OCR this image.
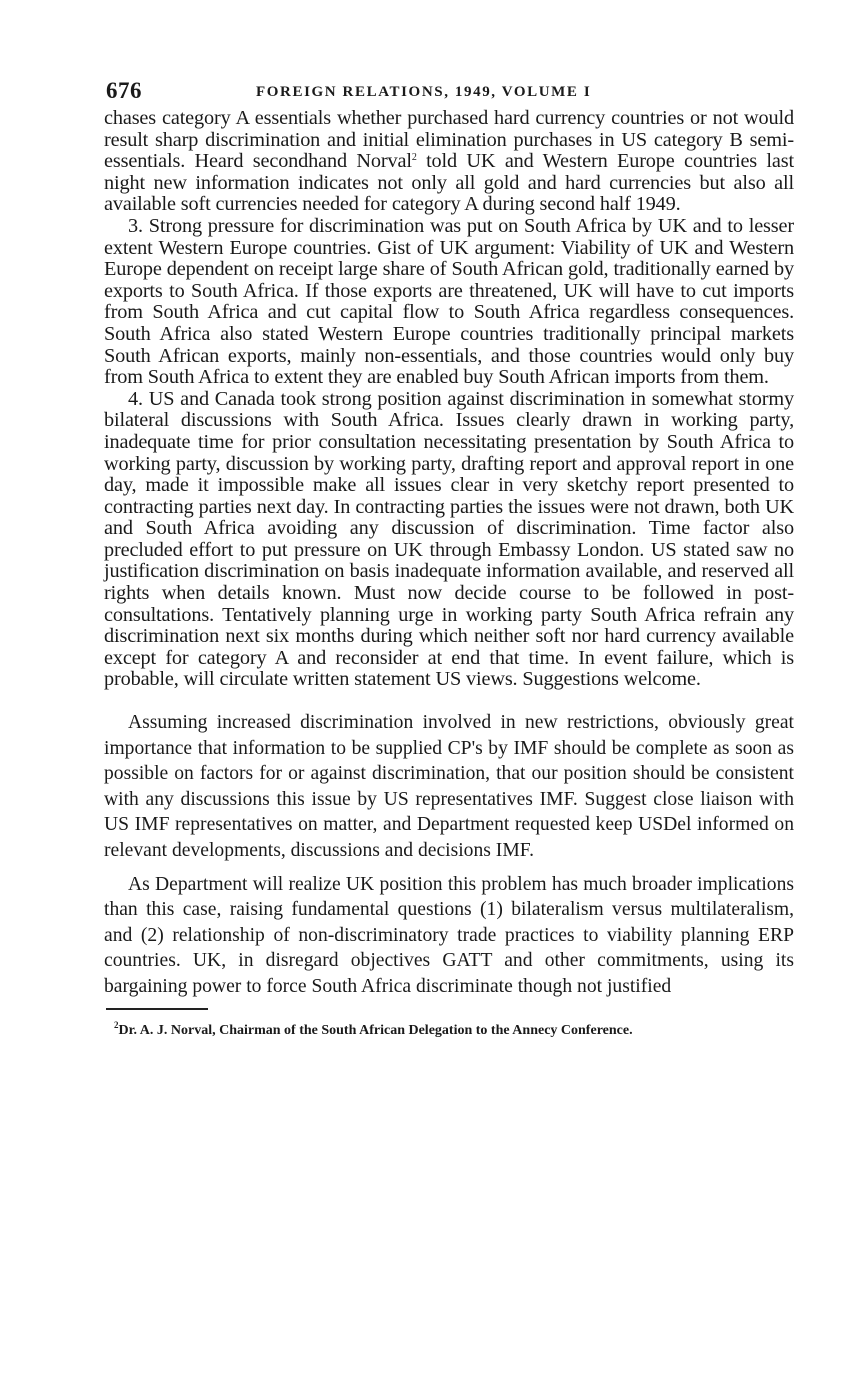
676	FOREIGN RELATIONS, 1949, VOLUME I

chases category A essentials whether purchased hard currency countries or not would result sharp discrimination and initial elimination purchases in US category B semi-essentials. Heard secondhand Norval$^2$ told UK and Western Europe countries last night new information indicates not only all gold and hard currencies but also all available soft currencies needed for category A during second half 1949.

3. Strong pressure for discrimination was put on South Africa by UK and to lesser extent Western Europe countries. Gist of UK argument: Viability of UK and Western Europe dependent on receipt large share of South African gold, traditionally earned by exports to South Africa. If those exports are threatened, UK will have to cut imports from South Africa and cut capital flow to South Africa regardless consequences. South Africa also stated Western Europe countries traditionally principal markets South African exports, mainly non-essentials, and those countries would only buy from South Africa to extent they are enabled buy South African imports from them.

4. US and Canada took strong position against discrimination in somewhat stormy bilateral discussions with South Africa. Issues clearly drawn in working party, inadequate time for prior consultation necessitating presentation by South Africa to working party, discussion by working party, drafting report and approval report in one day, made it impossible make all issues clear in very sketchy report presented to contracting parties next day. In contracting parties the issues were not drawn, both UK and South Africa avoiding any discussion of discrimination. Time factor also precluded effort to put pressure on UK through Embassy London. US stated saw no justification discrimination on basis inadequate information available, and reserved all rights when details known. Must now decide course to be followed in post-consultations. Tentatively planning urge in working party South Africa refrain any discrimination next six months during which neither soft nor hard currency available except for category A and reconsider at end that time. In event failure, which is probable, will circulate written statement US views. Suggestions welcome.

Assuming increased discrimination involved in new restrictions, obviously great importance that information to be supplied CP's by IMF should be complete as soon as possible on factors for or against discrimination, that our position should be consistent with any discussions this issue by US representatives IMF. Suggest close liaison with US IMF representatives on matter, and Department requested keep USDel informed on relevant developments, discussions and decisions IMF.

As Department will realize UK position this problem has much broader implications than this case, raising fundamental questions (1) bilateralism versus multilateralism, and (2) relationship of non-discriminatory trade practices to viability planning ERP countries. UK, in disregard objectives GATT and other commitments, using its bargaining power to force South Africa discriminate though not justified

$^2$Dr. A. J. Norval, Chairman of the South African Delegation to the Annecy Conference.
